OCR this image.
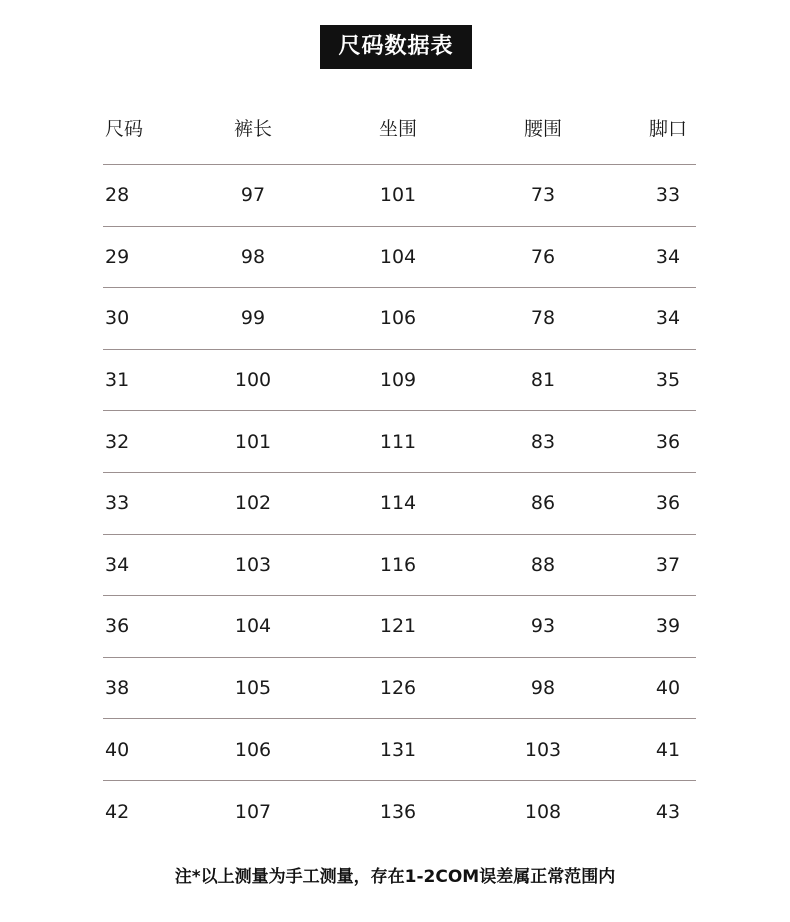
尺码数据表
尺码	裤长	坐围	腰围	脚口
28	97	101	73	33
29	98	104	76	34
30	99	106	78	34
31	100	109	81	35
32	101	111	83	36
33	102	114	86	36
34	103	116	88	37
36	104	121	93	39
38	105	126	98	40
40	106	131	103	41
42	107	136	108	43
注*以上测量为手工测量，存在1-2COM误差属正常范围内
